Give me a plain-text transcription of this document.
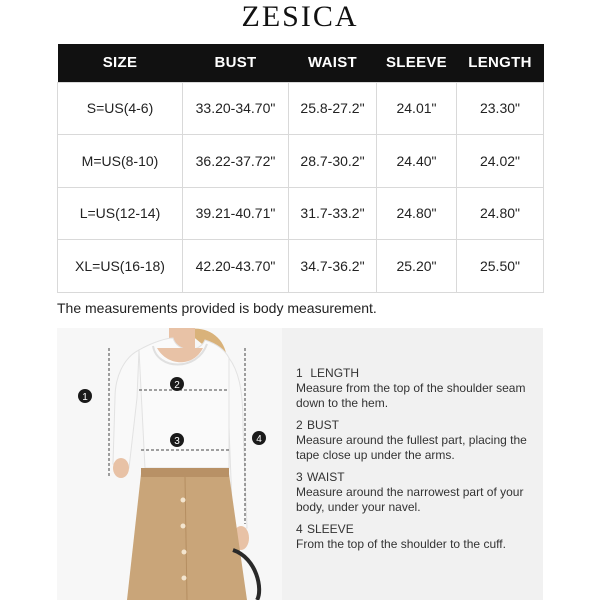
ZESICA
SIZE	BUST	WAIST	SLEEVE	LENGTH
S=US(4-6)	33.20-34.70"	25.8-27.2"	24.01"	23.30"
M=US(8-10)	36.22-37.72"	28.7-30.2"	24.40"	24.02"
L=US(12-14)	39.21-40.71"	31.7-33.2"	24.80"	24.80"
XL=US(16-18)	42.20-43.70"	34.7-36.2"	25.20"	25.50"
The measurements provided is body measurement.
1
2
3	4
1 LENGTH
Measure from the top of the shoulder seam down to the hem.
2 BUST
Measure around the fullest part, placing the tape close up under the arms.
3 WAIST
Measure around the narrowest part of your body, under your navel.
4 SLEEVE
From the top of the shoulder to the cuff.
